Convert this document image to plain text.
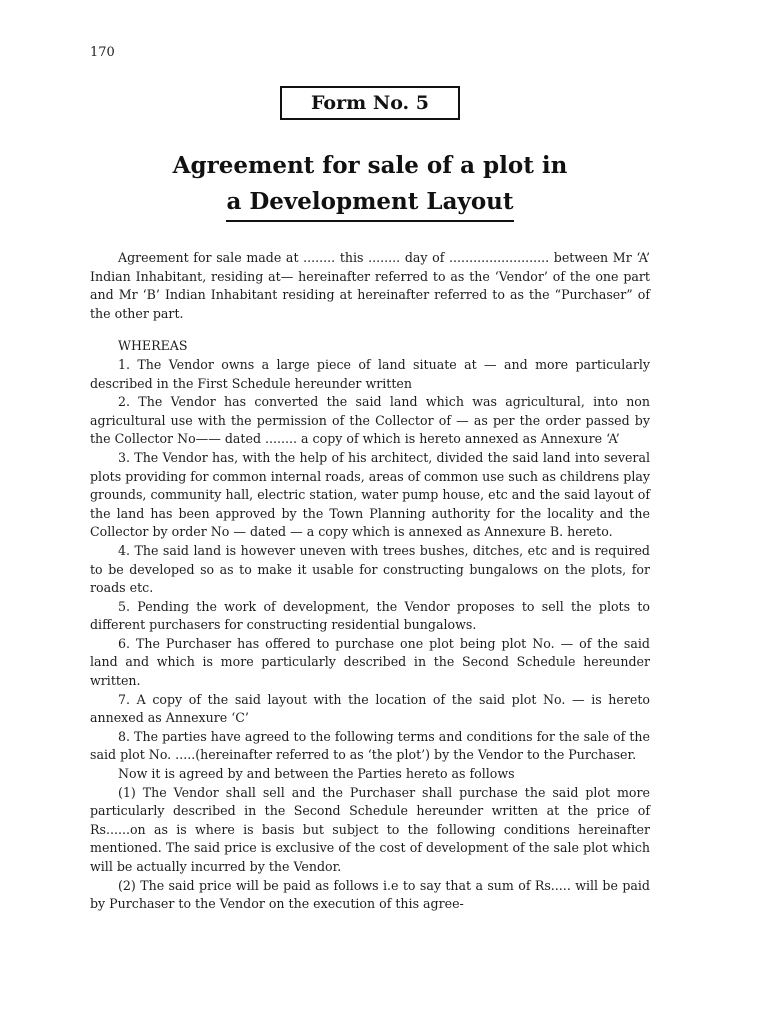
170
Form No. 5
Agreement for sale of a plot in
a Development Layout

Agreement for sale made at ........ this ........ day of ......................... between Mr ‘A’ Indian Inhabitant, residing at— hereinafter referred to as the ‘Vendor’ of the one part and Mr ‘B’ Indian Inhabitant residing at hereinafter referred to as the “Purchaser” of the other part.

WHEREAS

1. The Vendor owns a large piece of land situate at — and more particularly described in the First Schedule hereunder written

2. The Vendor has converted the said land which was agricultural, into non agricultural use with the permission of the Collector of — as per the order passed by the Collector No—— dated ........ a copy of which is hereto annexed as Annexure ‘A’

3. The Vendor has, with the help of his architect, divided the said land into several plots providing for common internal roads, areas of common use such as childrens play grounds, community hall, electric station, water pump house, etc and the said layout of the land has been approved by the Town Planning authority for the locality and the Collector by order No — dated — a copy which is annexed as Annexure B. hereto.

4. The said land is however uneven with trees bushes, ditches, etc and is required to be developed so as to make it usable for constructing bungalows on the plots, for roads etc.

5. Pending the work of development, the Vendor proposes to sell the plots to different purchasers for constructing residential bungalows.

6. The Purchaser has offered to purchase one plot being plot No. — of the said land and which is more particularly described in the Second Schedule hereunder written.

7. A copy of the said layout with the location of the said plot No. — is hereto annexed as Annexure ‘C’

8. The parties have agreed to the following terms and conditions for the sale of the said plot No. .....(hereinafter referred to as ‘the plot’) by the Vendor to the Purchaser.

Now it is agreed by and between the Parties hereto as follows

(1) The Vendor shall sell and the Purchaser shall purchase the said plot more particularly described in the Second Schedule hereunder written at the price of Rs......on as is where is basis but subject to the following conditions hereinafter mentioned. The said price is exclusive of the cost of development of the sale plot which will be actually incurred by the Vendor.

(2) The said price will be paid as follows i.e to say that a sum of Rs..... will be paid by Purchaser to the Vendor on the execution of this agree-
